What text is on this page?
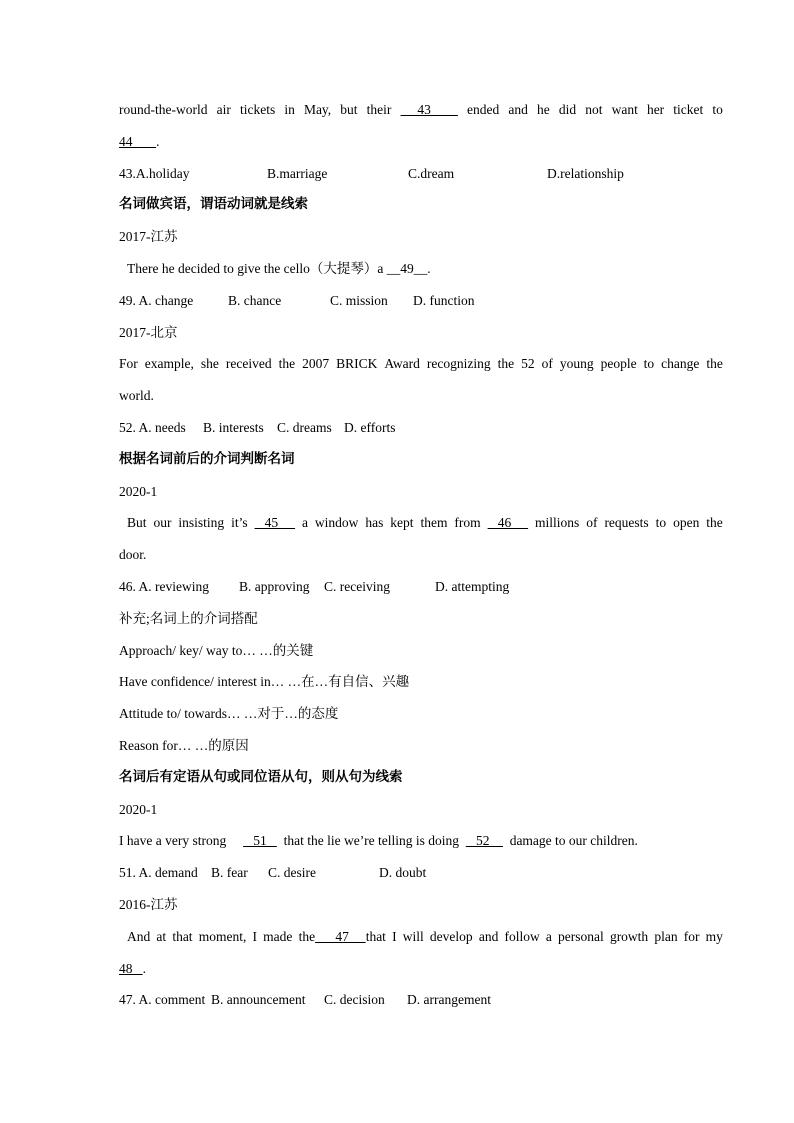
round-the-world air tickets in May, but their 43 ended and he did not want her ticket to
44       .
43.A.holiday	B.marriage	C.dream	D.relationship
名词做宾语，谓语动词就是线索
2017-江苏
There he decided to give the cello（大提琴）a __49__.
49. A. change	B. chance	C. mission D. function
2017-北京
For example, she received the 2007 BRICK Award recognizing the 52 of young people to change the
world.
52. A. needs B. interests C. dreams D. efforts
根据名词前后的介词判断名词
2020-1
But our insisting it’s 45 a window has kept them from 46 millions of requests to open the
door.
46. A. reviewing B. approving C. receiving	D. attempting
补充;名词上的介词搭配
Approach/ key/ way to… …的关键
Have confidence/ interest in… …在…有自信、兴趣
Attitude to/ towards… …对于…的态度
Reason for… …的原因
名词后有定语从句或同位语从句，则从句为线索
2020-1
I have a very strong        51     that the lie we’re telling is doing     52      damage to our children.
51. A. demand B. fear C. desire	D. doubt
2016-江苏
And at that moment, I made the      47     that I will develop and follow a personal growth plan for my
48   .
47. A. comment B. announcement C. decision D. arrangement
